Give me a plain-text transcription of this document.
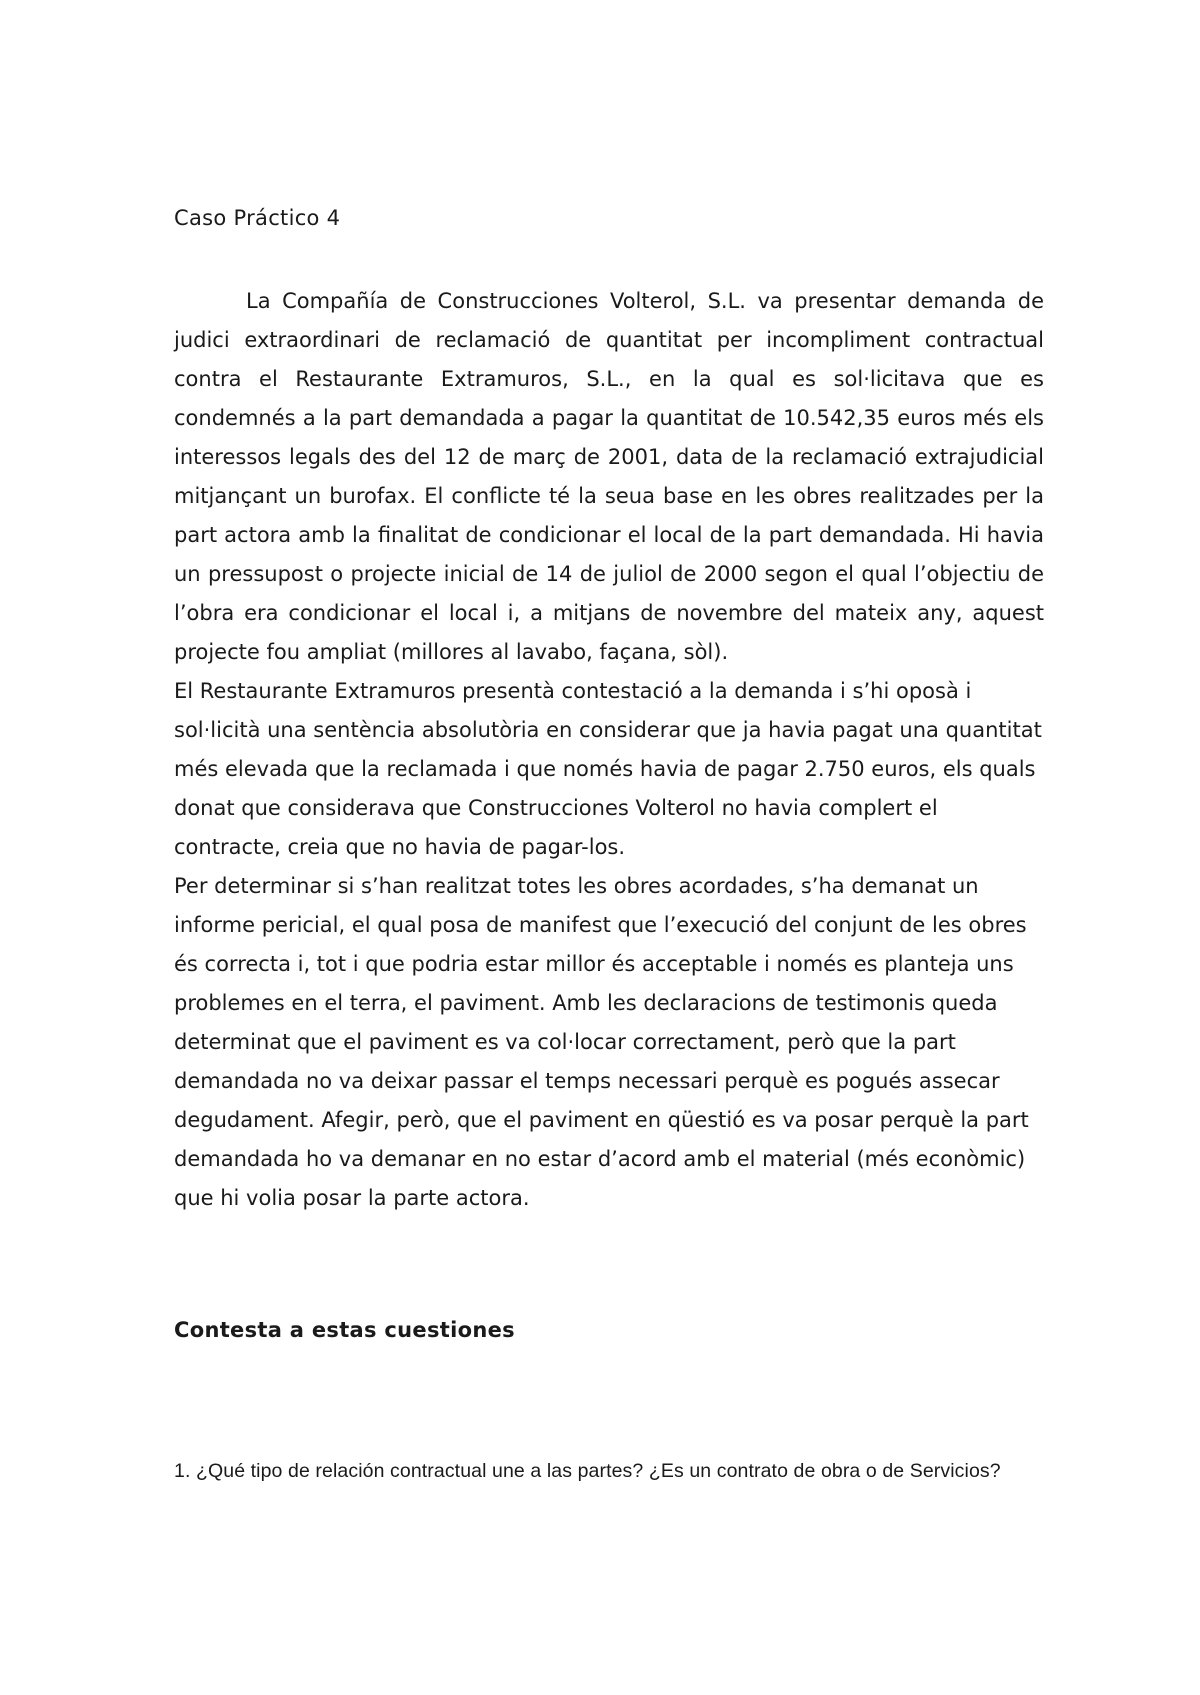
Caso Práctico 4

La Compañía de Construcciones Volterol, S.L. va presentar demanda de judici extraordinari de reclamació de quantitat per incompliment contractual contra el Restaurante Extramuros, S.L., en la qual es sol·licitava que es condemnés a la part demandada a pagar la quantitat de 10.542,35 euros més els interessos legals des del 12 de març de 2001, data de la reclamació extrajudicial mitjançant un burofax. El conflicte té la seua base en les obres realitzades per la part actora amb la finalitat de condicionar el local de la part demandada. Hi havia un pressupost o projecte inicial de 14 de juliol de 2000 segon el qual l’objectiu de l’obra era condicionar el local i, a mitjans de novembre del mateix any, aquest projecte fou ampliat (millores al lavabo, façana, sòl).

El Restaurante Extramuros presentà contestació a la demanda i s’hi oposà i sol·licità una sentència absolutòria en considerar que ja havia pagat una quantitat més elevada que la reclamada i que només havia de pagar 2.750 euros, els quals donat que considerava que Construcciones Volterol no havia complert el contracte, creia que no havia de pagar-los.

Per determinar si s’han realitzat totes les obres acordades, s’ha demanat un informe pericial, el qual posa de manifest que l’execució del conjunt de les obres és correcta i, tot i que podria estar millor és acceptable i només es planteja uns problemes en el terra, el paviment. Amb les declaracions de testimonis queda determinat que el paviment es va col·locar correctament, però que la part demandada no va deixar passar el temps necessari perquè es pogués assecar degudament. Afegir, però, que el paviment en qüestió es va posar perquè la part demandada ho va demanar en no estar d’acord amb el material (més econòmic) que hi volia posar la parte actora.

Contesta a estas cuestiones
1. ¿Qué tipo de relación contractual une a las partes? ¿Es un contrato de obra o de Servicios?
